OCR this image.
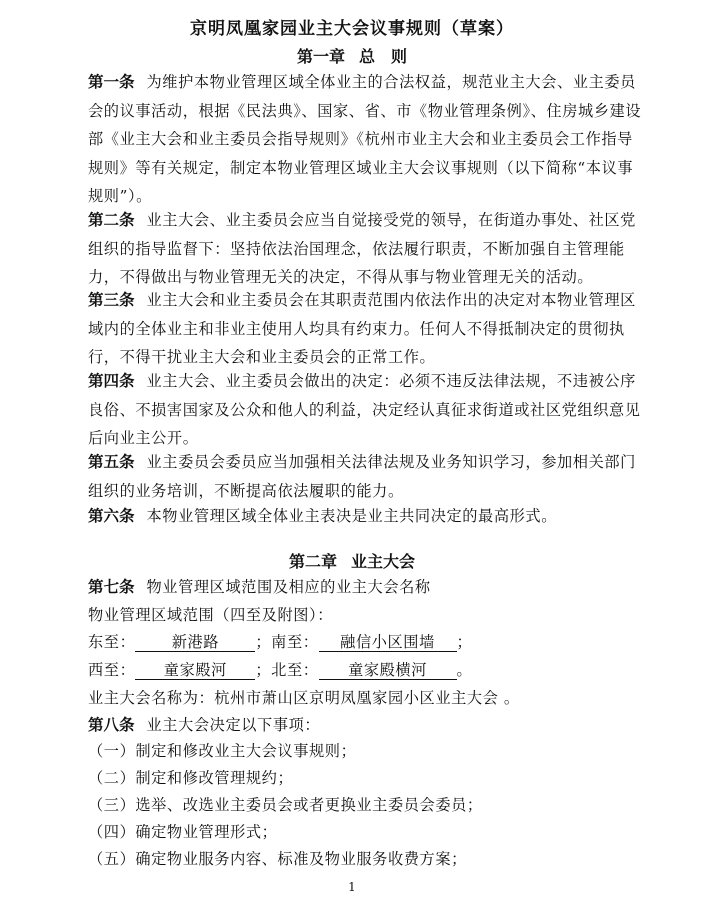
京明凤凰家园业主大会议事规则（草案）
第一章 总　则

第一条 为维护本物业管理区域全体业主的合法权益，规范业主大会、业主委员会的议事活动，根据《民法典》、国家、省、市《物业管理条例》、住房城乡建设部《业主大会和业主委员会指导规则》《杭州市业主大会和业主委员会工作指导规则》等有关规定，制定本物业管理区域业主大会议事规则（以下简称“本议事规则”）。

第二条 业主大会、业主委员会应当自觉接受党的领导，在街道办事处、社区党组织的指导监督下：坚持依法治国理念，依法履行职责，不断加强自主管理能力，不得做出与物业管理无关的决定，不得从事与物业管理无关的活动。

第三条 业主大会和业主委员会在其职责范围内依法作出的决定对本物业管理区域内的全体业主和非业主使用人均具有约束力。任何人不得抵制决定的贯彻执行，不得干扰业主大会和业主委员会的正常工作。

第四条 业主大会、业主委员会做出的决定：必须不违反法律法规，不违被公序良俗、不损害国家及公众和他人的利益，决定经认真征求街道或社区党组织意见后向业主公开。

第五条 业主委员会委员应当加强相关法律法规及业务知识学习，参加相关部门组织的业务培训，不断提高依法履职的能力。

第六条 本物业管理区域全体业主表决是业主共同决定的最高形式。

第二章 业主大会
第七条 物业管理区域范围及相应的业主大会名称
物业管理区域范围（四至及附图）：
东至： 新港路 ；南至： 融信小区围墙 ；
西至： 童家殿河 ；北至： 童家殿横河 。
业主大会名称为：杭州市萧山区京明凤凰家园小区业主大会 。
第八条 业主大会决定以下事项：
（一）制定和修改业主大会议事规则；
（二）制定和修改管理规约；
（三）选举、改选业主委员会或者更换业主委员会委员；
（四）确定物业管理形式；
（五）确定物业服务内容、标准及物业服务收费方案；
1
